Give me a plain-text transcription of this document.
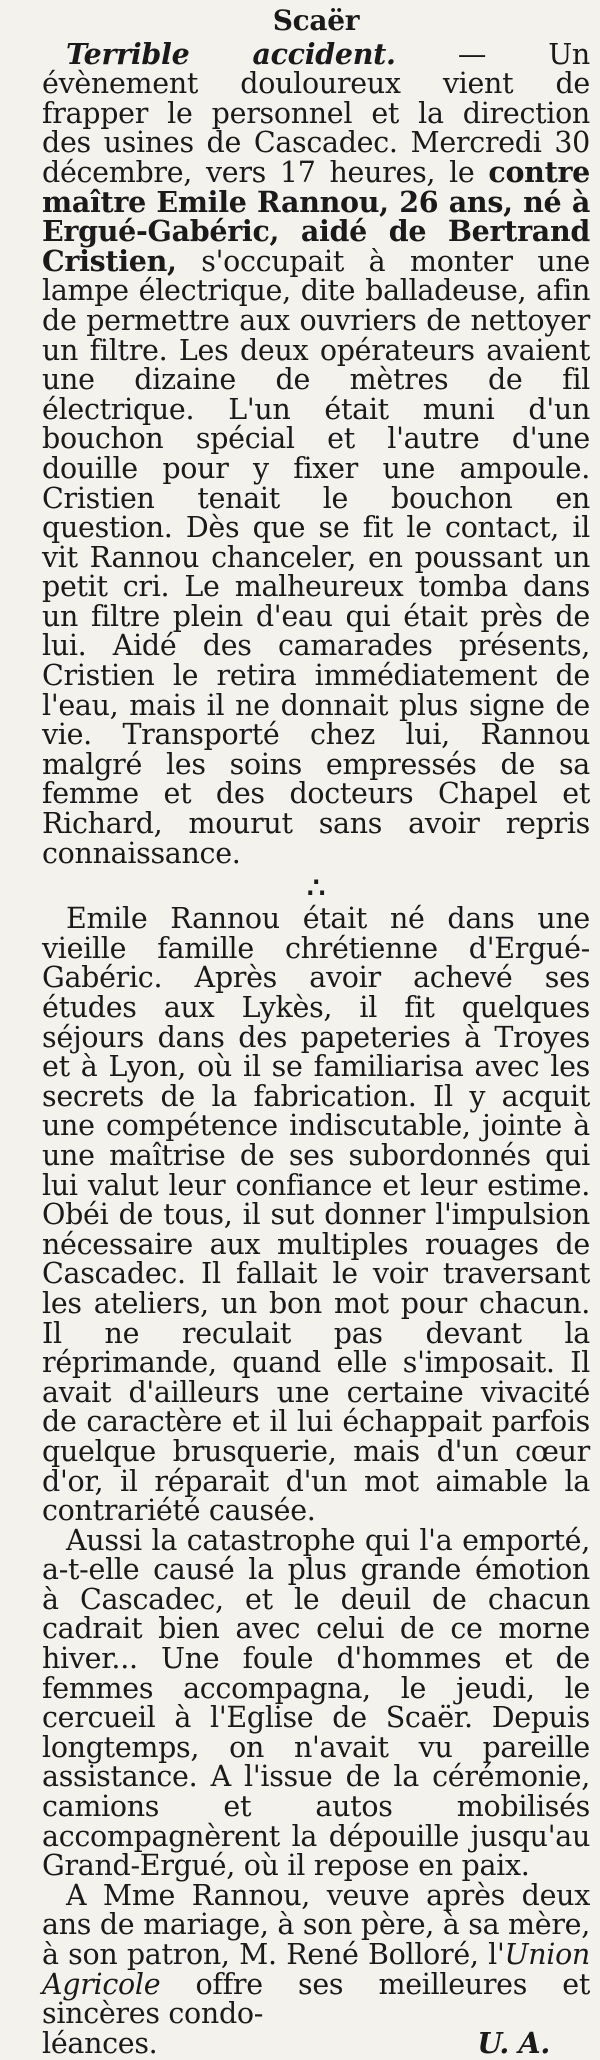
Scaër

Terrible accident. — Un évènement douloureux vient de frapper le personnel et la direction des usines de Cascadec. Mercredi 30 décembre, vers 17 heures, le contre maître Emile Rannou, 26 ans, né à Ergué-Gabéric, aidé de Bertrand Cristien, s'occupait à monter une lampe électrique, dite balladeuse, afin de permettre aux ouvriers de nettoyer un filtre. Les deux opérateurs avaient une dizaine de mètres de fil électrique. L'un était muni d'un bouchon spécial et l'autre d'une douille pour y fixer une ampoule. Cristien tenait le bouchon en question. Dès que se fit le contact, il vit Rannou chanceler, en poussant un petit cri. Le malheureux tomba dans un filtre plein d'eau qui était près de lui. Aidé des camarades présents, Cristien le retira immédiatement de l'eau, mais il ne donnait plus signe de vie. Transporté chez lui, Rannou malgré les soins empressés de sa femme et des docteurs Chapel et Richard, mourut sans avoir repris connaissance.

∴

Emile Rannou était né dans une vieille famille chrétienne d'Ergué-Gabéric. Après avoir achevé ses études aux Lykès, il fit quelques séjours dans des papeteries à Troyes et à Lyon, où il se familiarisa avec les secrets de la fabrication. Il y acquit une compétence indiscutable, jointe à une maîtrise de ses subordonnés qui lui valut leur confiance et leur estime. Obéi de tous, il sut donner l'impulsion nécessaire aux multiples rouages de Cascadec. Il fallait le voir traversant les ateliers, un bon mot pour chacun. Il ne reculait pas devant la réprimande, quand elle s'imposait. Il avait d'ailleurs une certaine vivacité de caractère et il lui échappait parfois quelque brusquerie, mais d'un cœur d'or, il réparait d'un mot aimable la contrariété causée.

Aussi la catastrophe qui l'a emporté, a-t-elle causé la plus grande émotion à Cascadec, et le deuil de chacun cadrait bien avec celui de ce morne hiver... Une foule d'hommes et de femmes accompagna, le jeudi, le cercueil à l'Eglise de Scaër. Depuis longtemps, on n'avait vu pareille assistance. A l'issue de la cérémonie, camions et autos mobilisés accompagnèrent la dépouille jusqu'au Grand-Ergué, où il repose en paix.

A Mme Rannou, veuve après deux ans de mariage, à son père, à sa mère, à son patron, M. René Bolloré, l'Union Agricole offre ses meilleures et sincères condo-

léances.	U. A.
